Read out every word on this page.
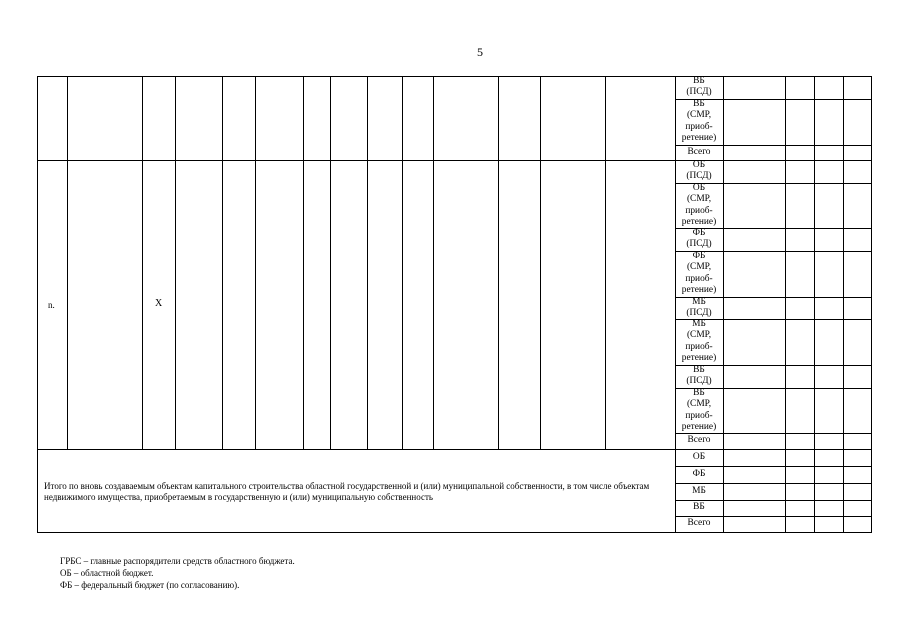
5
ВБ
(ПСД)
ВБ
(СМР,
приоб-
ретение)
Всего
ОБ
(ПСД)
ОБ
(СМР,
приоб-
ретение)
ФБ
(ПСД)
ФБ
(СМР,
приоб-
ретение)
МБ
(ПСД)
МБ
(СМР,
приоб-
ретение)
ВБ
(ПСД)
ВБ
(СМР,
приоб-
ретение)
Всего
ОБ
ФБ
МБ
ВБ
Всего
n.	X
Итого по вновь создаваемым объектам капитального строительства областной государственной и (или) муниципальной собственности, в том числе объектам недвижимого имущества, приобретаемым в государственную и (или) муниципальную собственность
ГРБС – главные распорядители средств областного бюджета.
ОБ – областной бюджет.
ФБ – федеральный бюджет (по согласованию).
